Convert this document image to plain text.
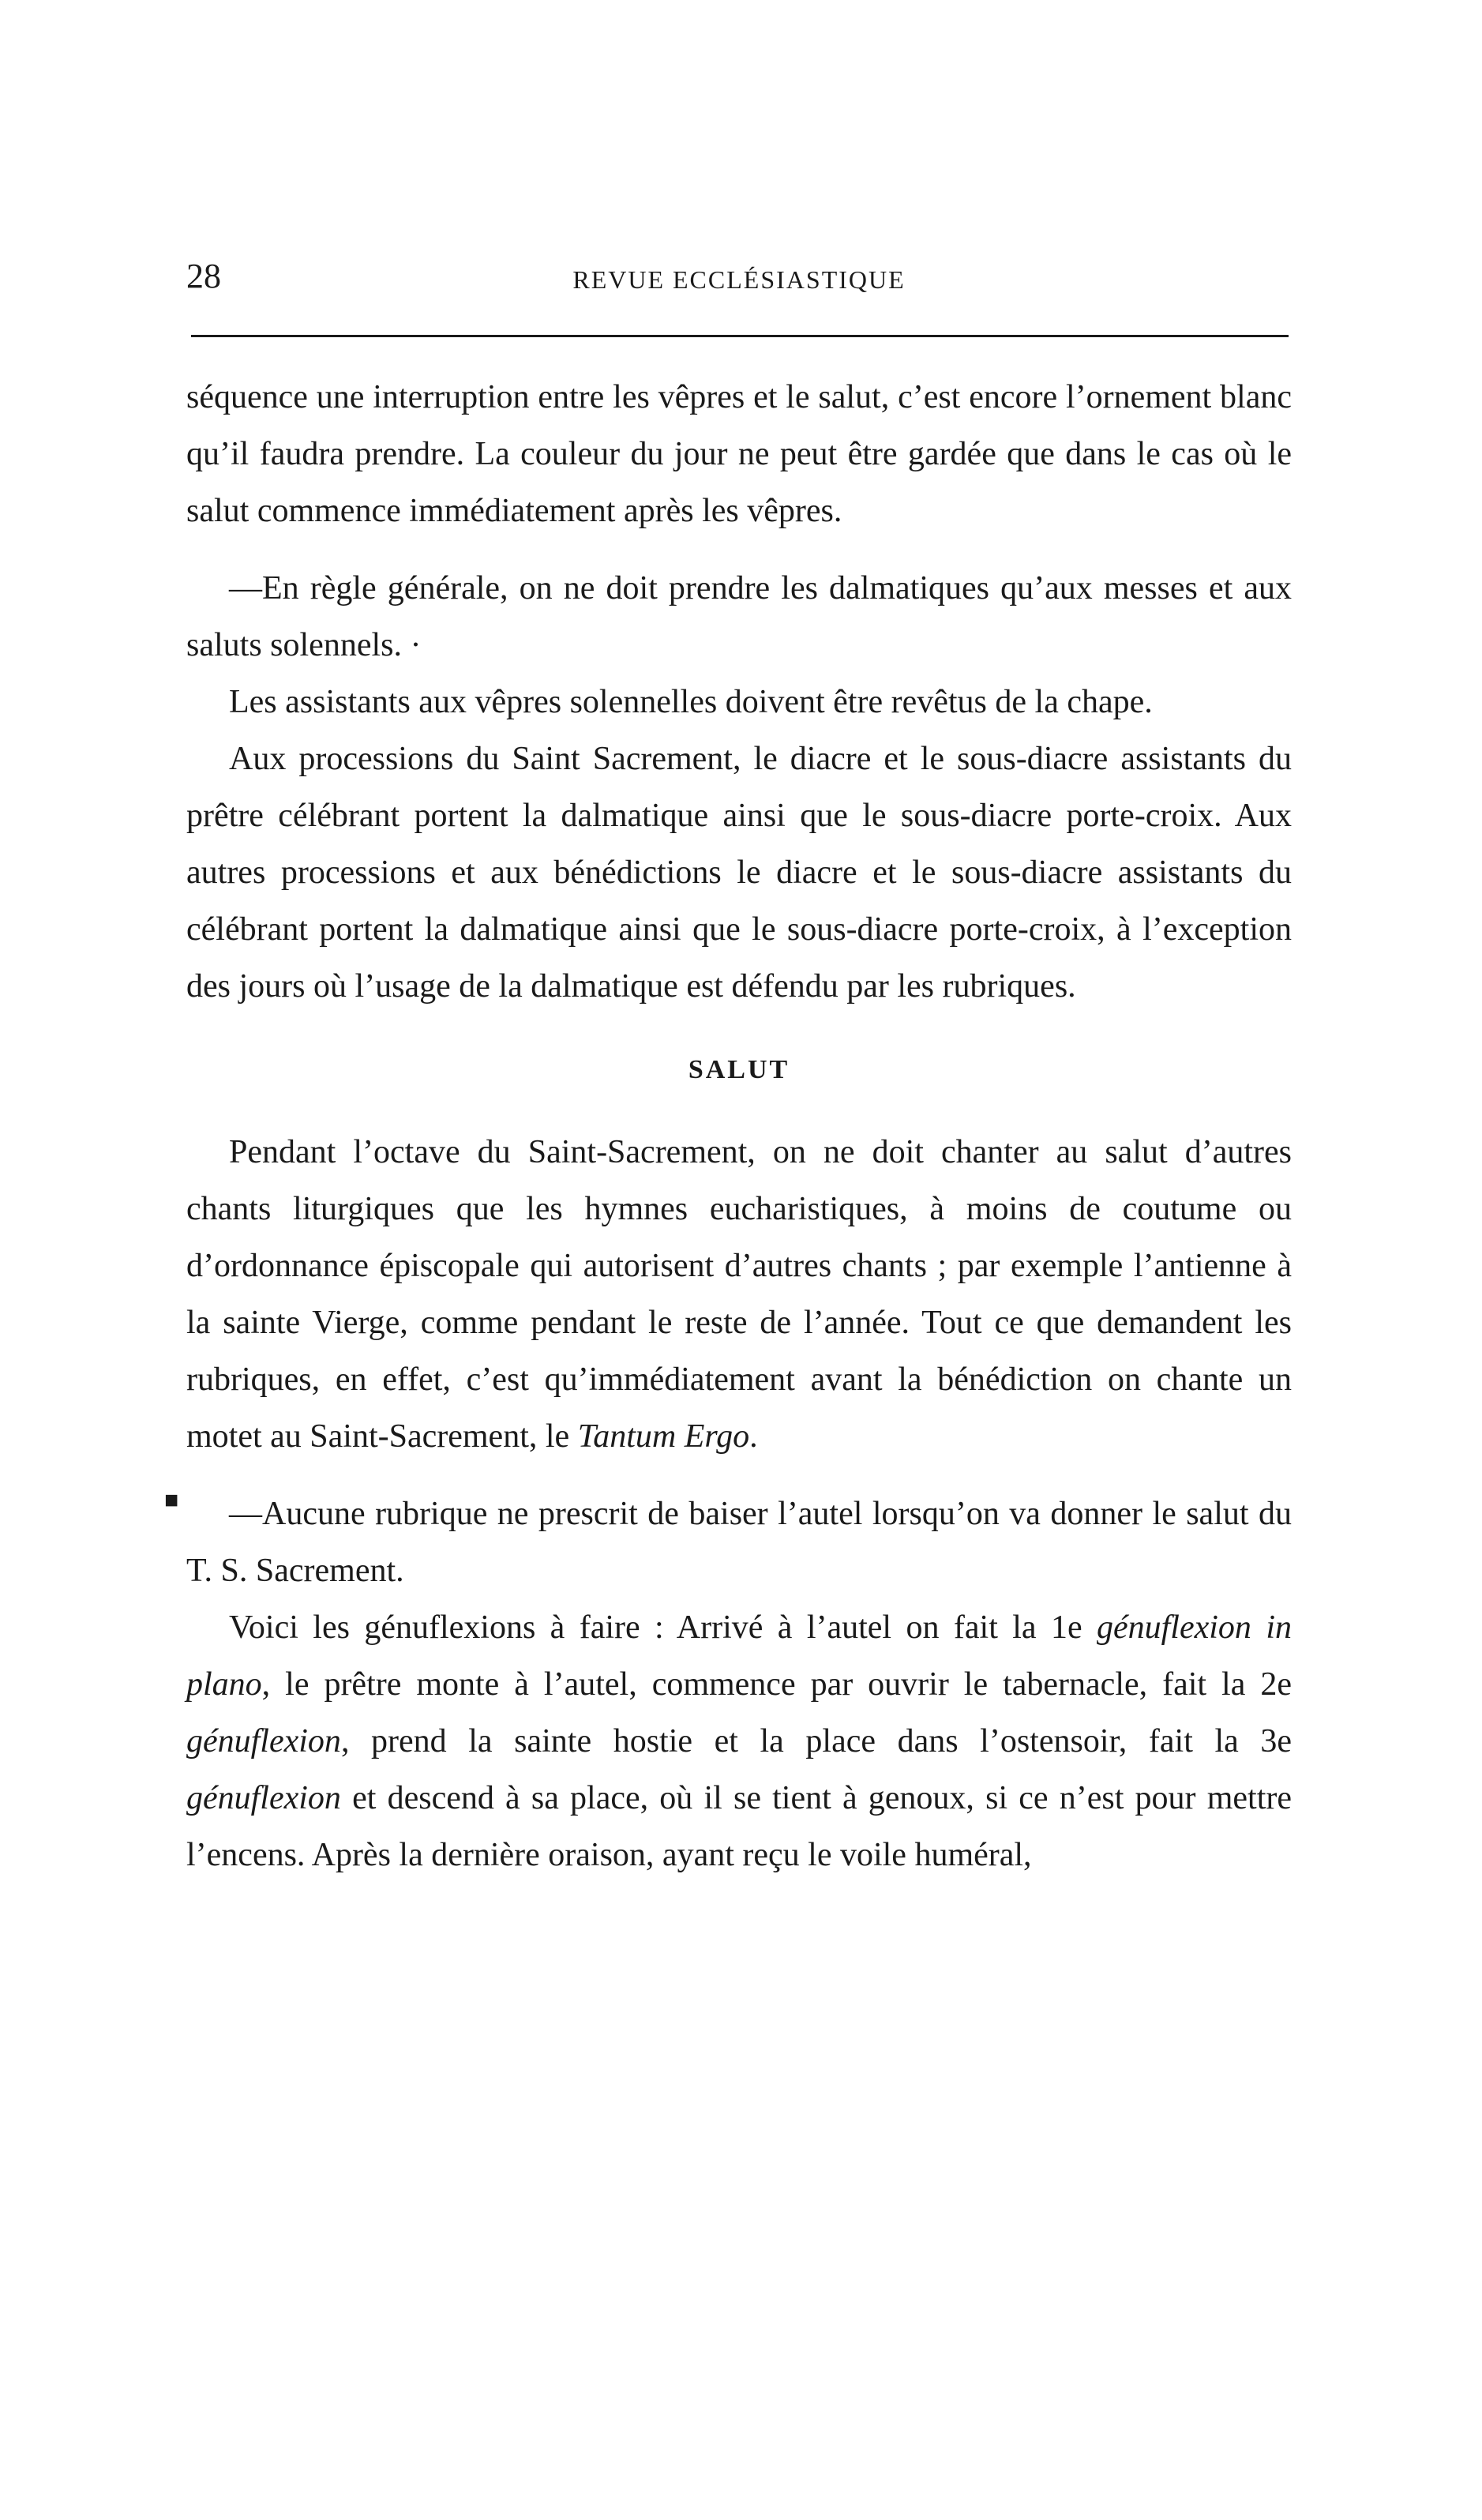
28	REVUE ECCLÉSIASTIQUE

séquence une interruption entre les vêpres et le salut, c’est encore l’ornement blanc qu’il faudra prendre. La couleur du jour ne peut être gardée que dans le cas où le salut commence immédiatement après les vêpres.

—En règle générale, on ne doit prendre les dalmatiques qu’aux messes et aux saluts solennels. ·

Les assistants aux vêpres solennelles doivent être revêtus de la chape.

Aux processions du Saint Sacrement, le diacre et le sous-diacre assistants du prêtre célébrant portent la dalmatique ainsi que le sous-diacre porte-croix. Aux autres processions et aux bénédictions le diacre et le sous-diacre assistants du célébrant portent la dalmatique ainsi que le sous-diacre porte-croix, à l’exception des jours où l’usage de la dalmatique est défendu par les rubriques.

SALUT

Pendant l’octave du Saint-Sacrement, on ne doit chanter au salut d’autres chants liturgiques que les hymnes eucharistiques, à moins de coutume ou d’ordonnance épiscopale qui autorisent d’autres chants ; par exemple l’antienne à la sainte Vierge, comme pendant le reste de l’année. Tout ce que demandent les rubriques, en effet, c’est qu’immédiatement avant la bénédiction on chante un motet au Saint-Sacrement, le Tantum Ergo.

■ —Aucune rubrique ne prescrit de baiser l’autel lorsqu’on va donner le salut du T. S. Sacrement.

Voici les génuflexions à faire : Arrivé à l’autel on fait la 1e génuflexion in plano, le prêtre monte à l’autel, commence par ouvrir le tabernacle, fait la 2e génuflexion, prend la sainte hostie et la place dans l’ostensoir, fait la 3e génuflexion et descend à sa place, où il se tient à genoux, si ce n’est pour mettre l’encens. Après la dernière oraison, ayant reçu le voile huméral,
